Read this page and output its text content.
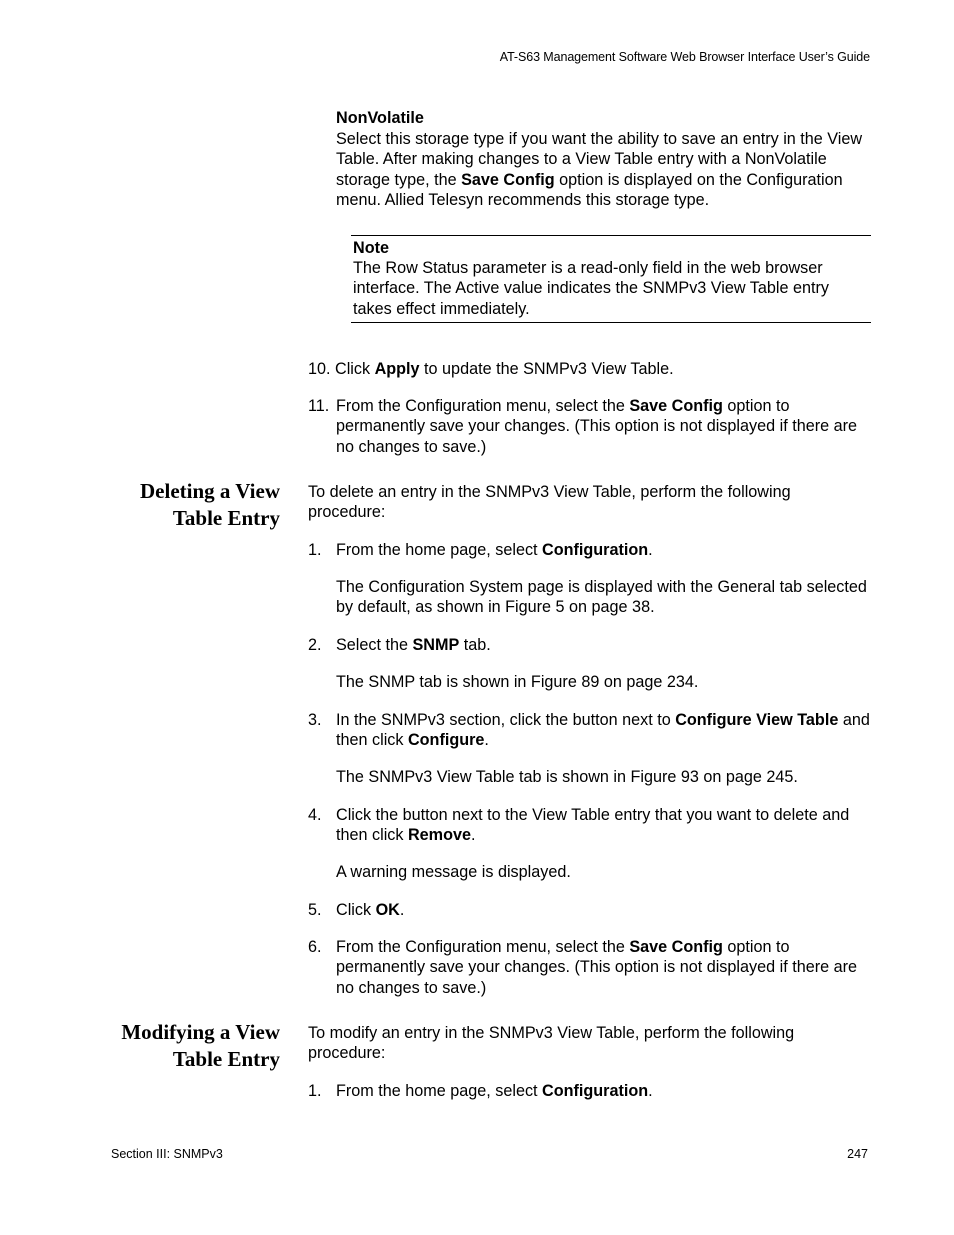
AT-S63 Management Software Web Browser Interface User’s Guide
NonVolatile
Select this storage type if you want the ability to save an entry in the View Table. After making changes to a View Table entry with a NonVolatile storage type, the Save Config option is displayed on the Configuration menu. Allied Telesyn recommends this storage type.
Note
The Row Status parameter is a read-only field in the web browser interface. The Active value indicates the SNMPv3 View Table entry takes effect immediately.
10. Click Apply to update the SNMPv3 View Table.
11. From the Configuration menu, select the Save Config option to permanently save your changes. (This option is not displayed if there are no changes to save.)
Deleting a View
Table Entry
To delete an entry in the SNMPv3 View Table, perform the following procedure:
1. From the home page, select Configuration.
The Configuration System page is displayed with the General tab selected by default, as shown in Figure 5 on page 38.
2. Select the SNMP tab.
The SNMP tab is shown in Figure 89 on page 234.
3. In the SNMPv3 section, click the button next to Configure View Table and then click Configure.
The SNMPv3 View Table tab is shown in Figure 93 on page 245.
4. Click the button next to the View Table entry that you want to delete and then click Remove.
A warning message is displayed.
5. Click OK.
6. From the Configuration menu, select the Save Config option to permanently save your changes. (This option is not displayed if there are no changes to save.)
Modifying a View
Table Entry
To modify an entry in the SNMPv3 View Table, perform the following procedure:
1. From the home page, select Configuration.
Section III: SNMPv3	247
